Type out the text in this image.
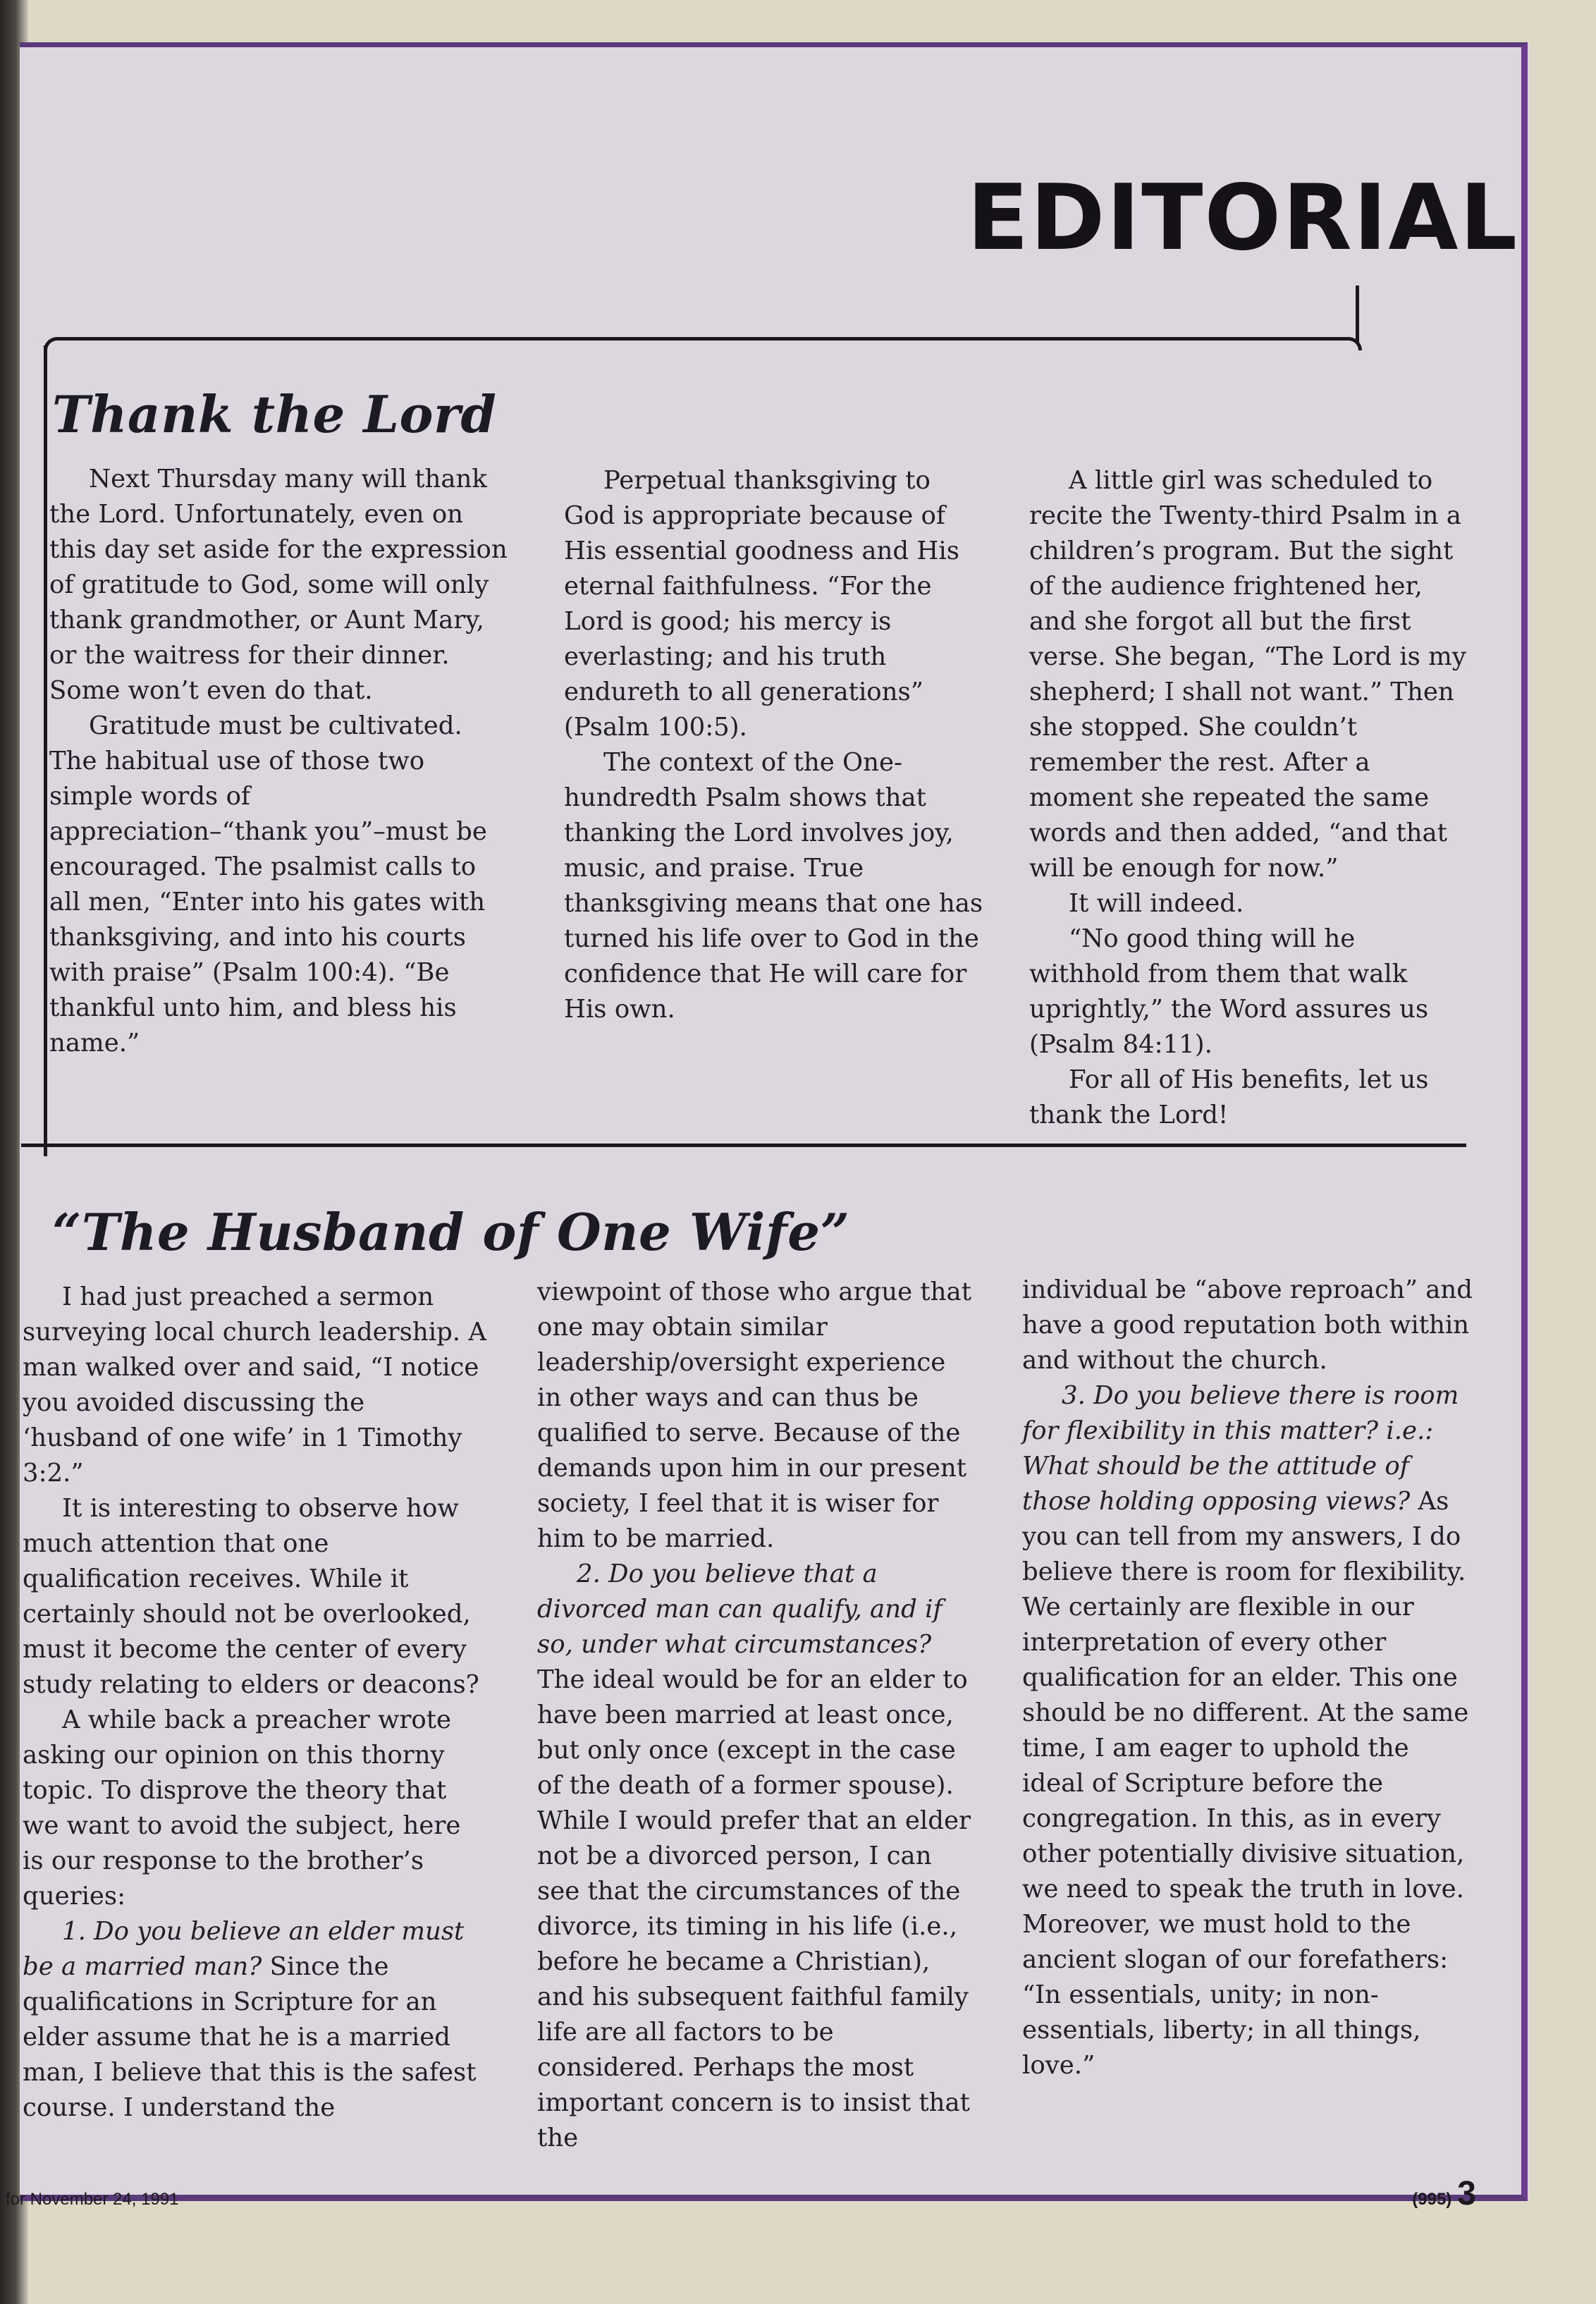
EDITORIAL
Thank the Lord

Next Thursday many will thank the Lord. Unfortunately, even on this day set aside for the expression of gratitude to God, some will only thank grandmother, or Aunt Mary, or the waitress for their dinner. Some won’t even do that.

Gratitude must be cultivated. The habitual use of those two simple words of appreciation–“thank you”–must be encouraged. The psalmist calls to all men, “Enter into his gates with thanksgiving, and into his courts with praise” (Psalm 100:4). “Be thankful unto him, and bless his name.”

Perpetual thanksgiving to God is appropriate because of His essential goodness and His eternal faithfulness. “For the Lord is good; his mercy is everlasting; and his truth endureth to all generations” (Psalm 100:5).

The context of the One-hundredth Psalm shows that thanking the Lord involves joy, music, and praise. True thanksgiving means that one has turned his life over to God in the confidence that He will care for His own.

A little girl was scheduled to recite the Twenty-third Psalm in a children’s program. But the sight of the audience frightened her, and she forgot all but the first verse. She began, “The Lord is my shepherd; I shall not want.” Then she stopped. She couldn’t remember the rest. After a moment she repeated the same words and then added, “and that will be enough for now.”

It will indeed.

“No good thing will he withhold from them that walk uprightly,” the Word assures us (Psalm 84:11).

For all of His benefits, let us thank the Lord!

“The Husband of One Wife”

I had just preached a sermon surveying local church leadership. A man walked over and said, “I notice you avoided discussing the ‘husband of one wife’ in 1 Timothy 3:2.”

It is interesting to observe how much attention that one qualification receives. While it certainly should not be overlooked, must it become the center of every study relating to elders or deacons?

A while back a preacher wrote asking our opinion on this thorny topic. To disprove the theory that we want to avoid the subject, here is our response to the brother’s queries:

1. Do you believe an elder must be a married man? Since the qualifications in Scripture for an elder assume that he is a married man, I believe that this is the safest course. I understand the

viewpoint of those who argue that one may obtain similar leadership/oversight experience in other ways and can thus be qualified to serve. Because of the demands upon him in our present society, I feel that it is wiser for him to be married.

2. Do you believe that a divorced man can qualify, and if so, under what circumstances? The ideal would be for an elder to have been married at least once, but only once (except in the case of the death of a former spouse). While I would prefer that an elder not be a divorced person, I can see that the circumstances of the divorce, its timing in his life (i.e., before he became a Christian), and his subsequent faithful family life are all factors to be considered. Perhaps the most important concern is to insist that the

individual be “above reproach” and have a good reputation both within and without the church.

3. Do you believe there is room for flexibility in this matter? i.e.: What should be the attitude of those holding opposing views? As you can tell from my answers, I do believe there is room for flexibility. We certainly are flexible in our interpretation of every other qualification for an elder. This one should be no different. At the same time, I am eager to uphold the ideal of Scripture before the congregation. In this, as in every other potentially divisive situation, we need to speak the truth in love. Moreover, we must hold to the ancient slogan of our forefathers: “In essentials, unity; in non-essentials, liberty; in all things, love.”

for November 24, 1991	(995) 3
